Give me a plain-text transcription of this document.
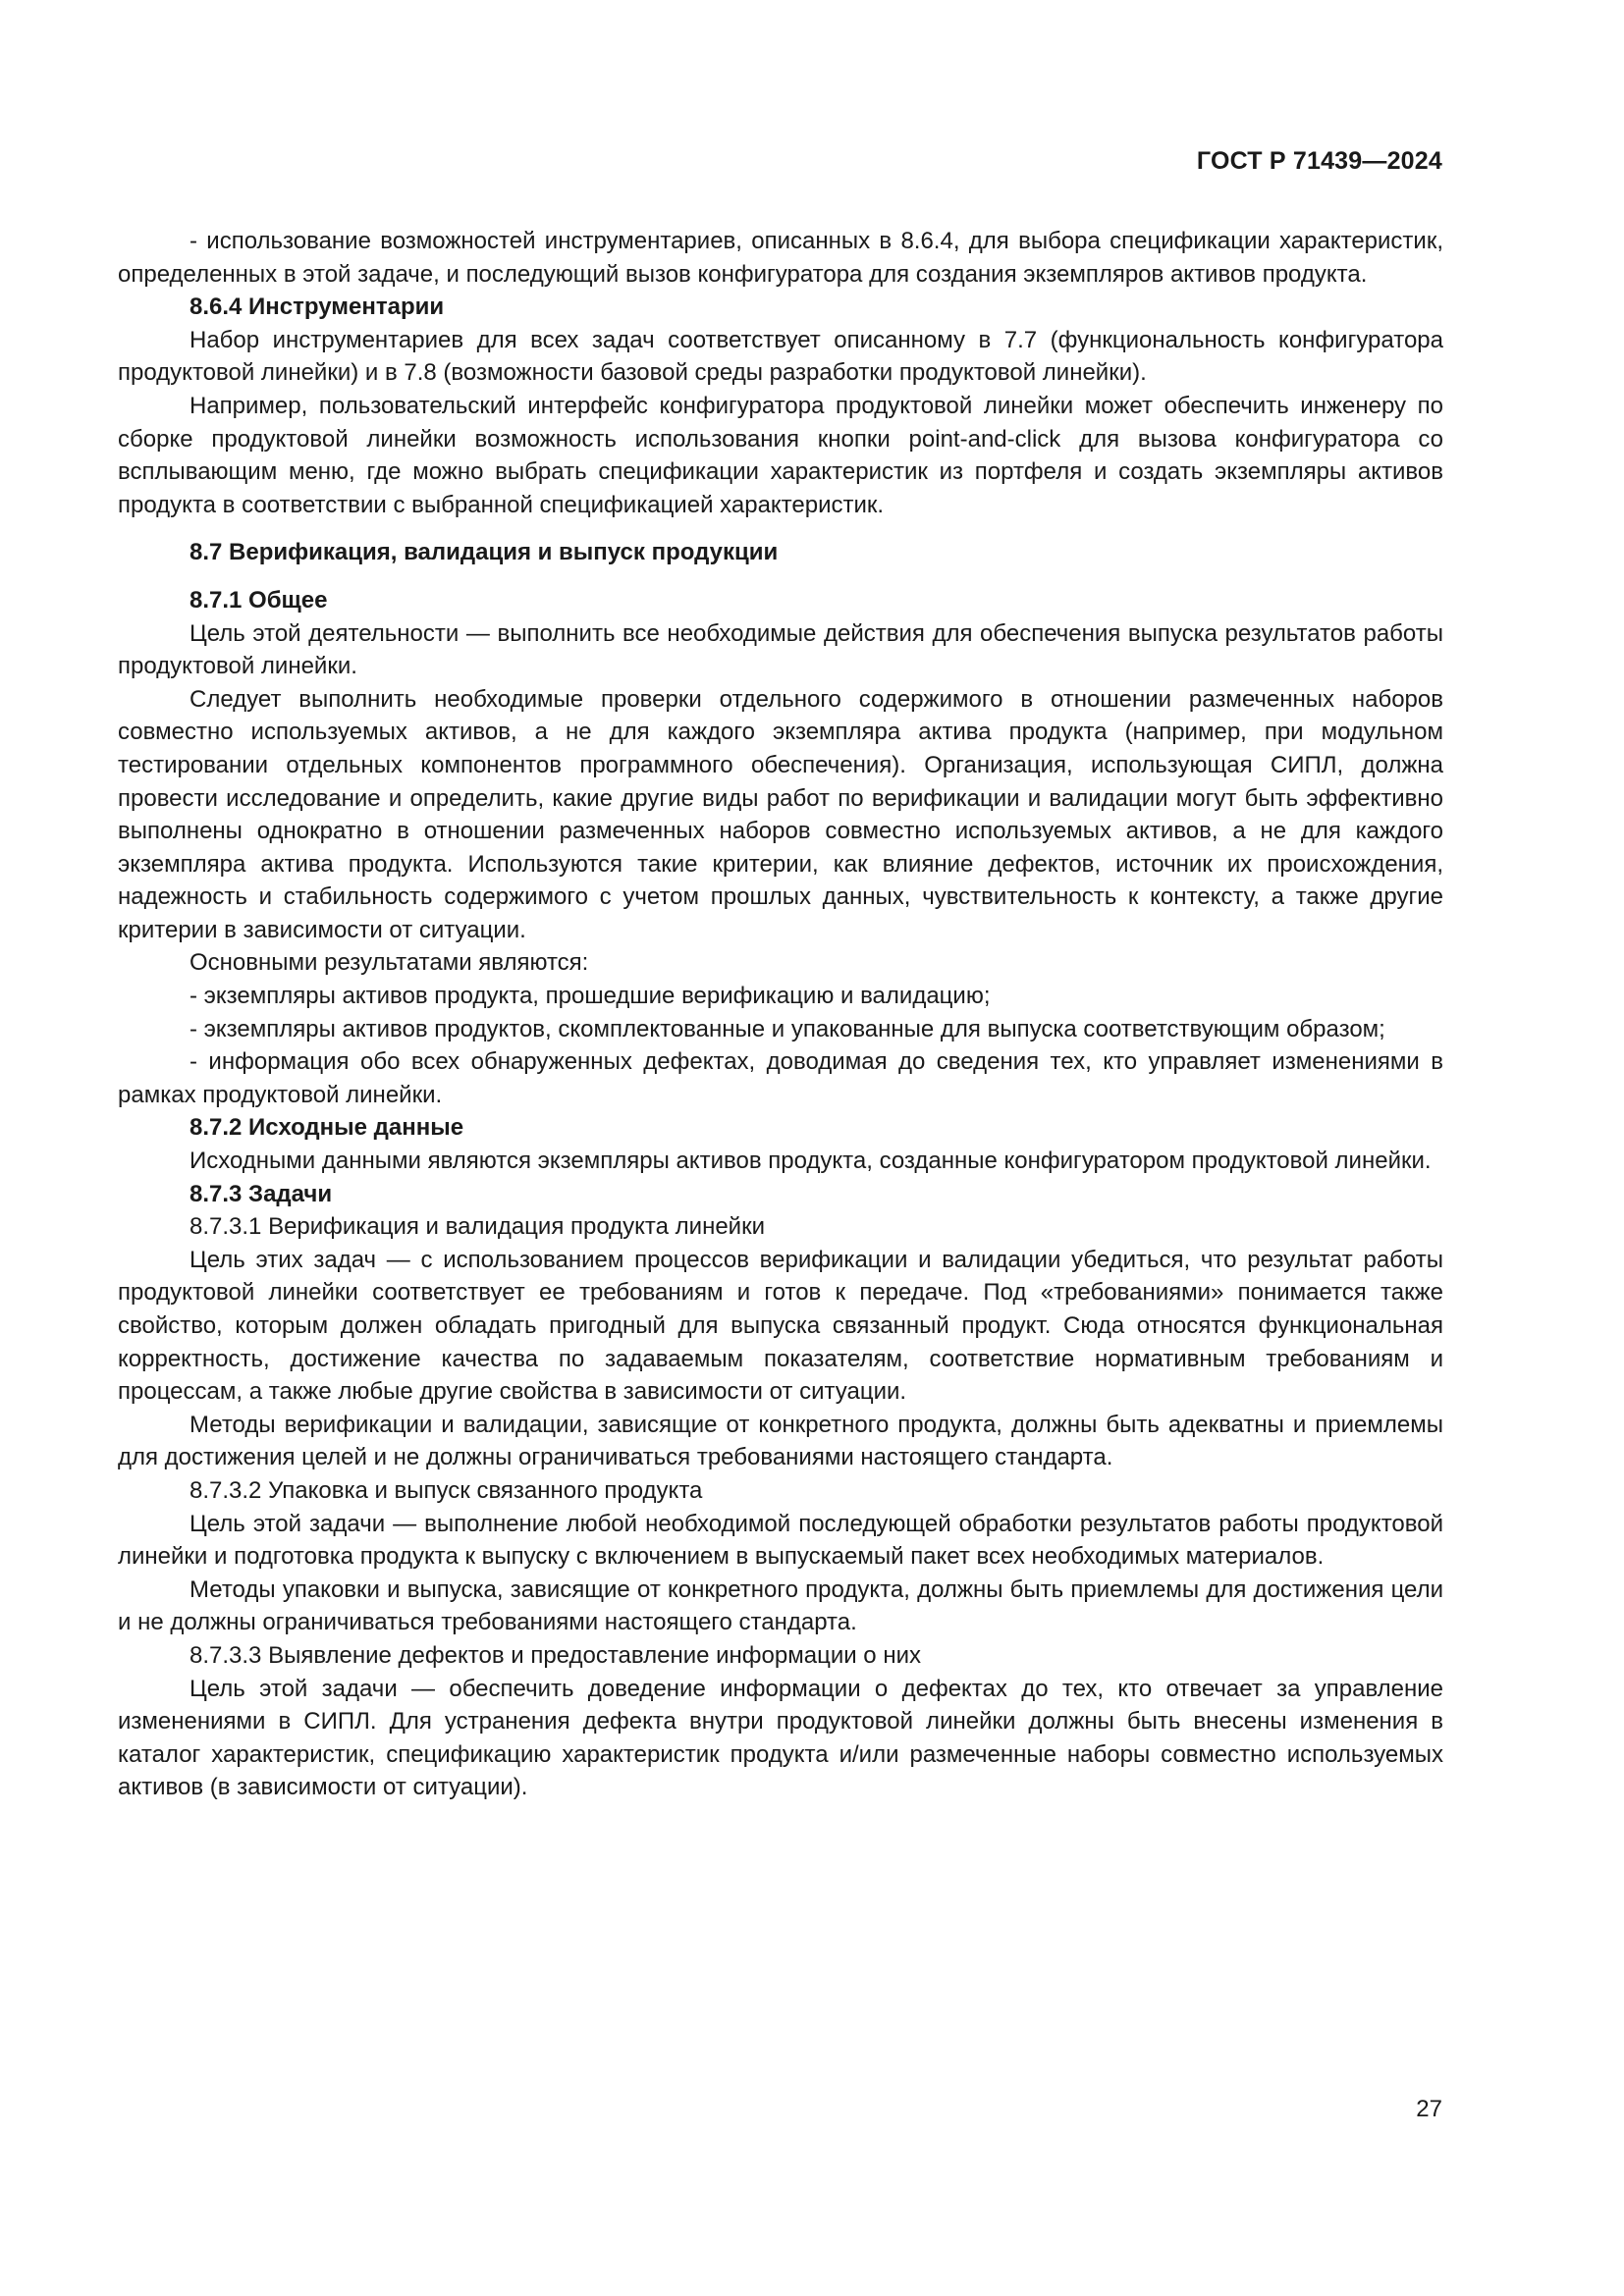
ГОСТ Р 71439—2024

- использование возможностей инструментариев, описанных в 8.6.4, для выбора спецификации характеристик, определенных в этой задаче, и последующий вызов конфигуратора для создания экземпляров активов продукта.

8.6.4 Инструментарии

Набор инструментариев для всех задач соответствует описанному в 7.7 (функциональность конфигуратора продуктовой линейки) и в 7.8 (возможности базовой среды разработки продуктовой линейки).

Например, пользовательский интерфейс конфигуратора продуктовой линейки может обеспечить инженеру по сборке продуктовой линейки возможность использования кнопки point-and-click для вызова конфигуратора со всплывающим меню, где можно выбрать спецификации характеристик из портфеля и создать экземпляры активов продукта в соответствии с выбранной спецификацией характеристик.

8.7 Верификация, валидация и выпуск продукции

8.7.1 Общее

Цель этой деятельности — выполнить все необходимые действия для обеспечения выпуска результатов работы продуктовой линейки.

Следует выполнить необходимые проверки отдельного содержимого в отношении размеченных наборов совместно используемых активов, а не для каждого экземпляра актива продукта (например, при модульном тестировании отдельных компонентов программного обеспечения). Организация, использующая СИПЛ, должна провести исследование и определить, какие другие виды работ по верификации и валидации могут быть эффективно выполнены однократно в отношении размеченных наборов совместно используемых активов, а не для каждого экземпляра актива продукта. Используются такие критерии, как влияние дефектов, источник их происхождения, надежность и стабильность содержимого с учетом прошлых данных, чувствительность к контексту, а также другие критерии в зависимости от ситуации.

Основными результатами являются:

- экземпляры активов продукта, прошедшие верификацию и валидацию;

- экземпляры активов продуктов, скомплектованные и упакованные для выпуска соответствующим образом;

- информация обо всех обнаруженных дефектах, доводимая до сведения тех, кто управляет изменениями в рамках продуктовой линейки.

8.7.2 Исходные данные

Исходными данными являются экземпляры активов продукта, созданные конфигуратором продуктовой линейки.

8.7.3 Задачи

8.7.3.1 Верификация и валидация продукта линейки

Цель этих задач — с использованием процессов верификации и валидации убедиться, что результат работы продуктовой линейки соответствует ее требованиям и готов к передаче. Под «требованиями» понимается также свойство, которым должен обладать пригодный для выпуска связанный продукт. Сюда относятся функциональная корректность, достижение качества по задаваемым показателям, соответствие нормативным требованиям и процессам, а также любые другие свойства в зависимости от ситуации.

Методы верификации и валидации, зависящие от конкретного продукта, должны быть адекватны и приемлемы для достижения целей и не должны ограничиваться требованиями настоящего стандарта.

8.7.3.2 Упаковка и выпуск связанного продукта

Цель этой задачи — выполнение любой необходимой последующей обработки результатов работы продуктовой линейки и подготовка продукта к выпуску с включением в выпускаемый пакет всех необходимых материалов.

Методы упаковки и выпуска, зависящие от конкретного продукта, должны быть приемлемы для достижения цели и не должны ограничиваться требованиями настоящего стандарта.

8.7.3.3 Выявление дефектов и предоставление информации о них

Цель этой задачи — обеспечить доведение информации о дефектах до тех, кто отвечает за управление изменениями в СИПЛ. Для устранения дефекта внутри продуктовой линейки должны быть внесены изменения в каталог характеристик, спецификацию характеристик продукта и/или размеченные наборы совместно используемых активов (в зависимости от ситуации).

27
